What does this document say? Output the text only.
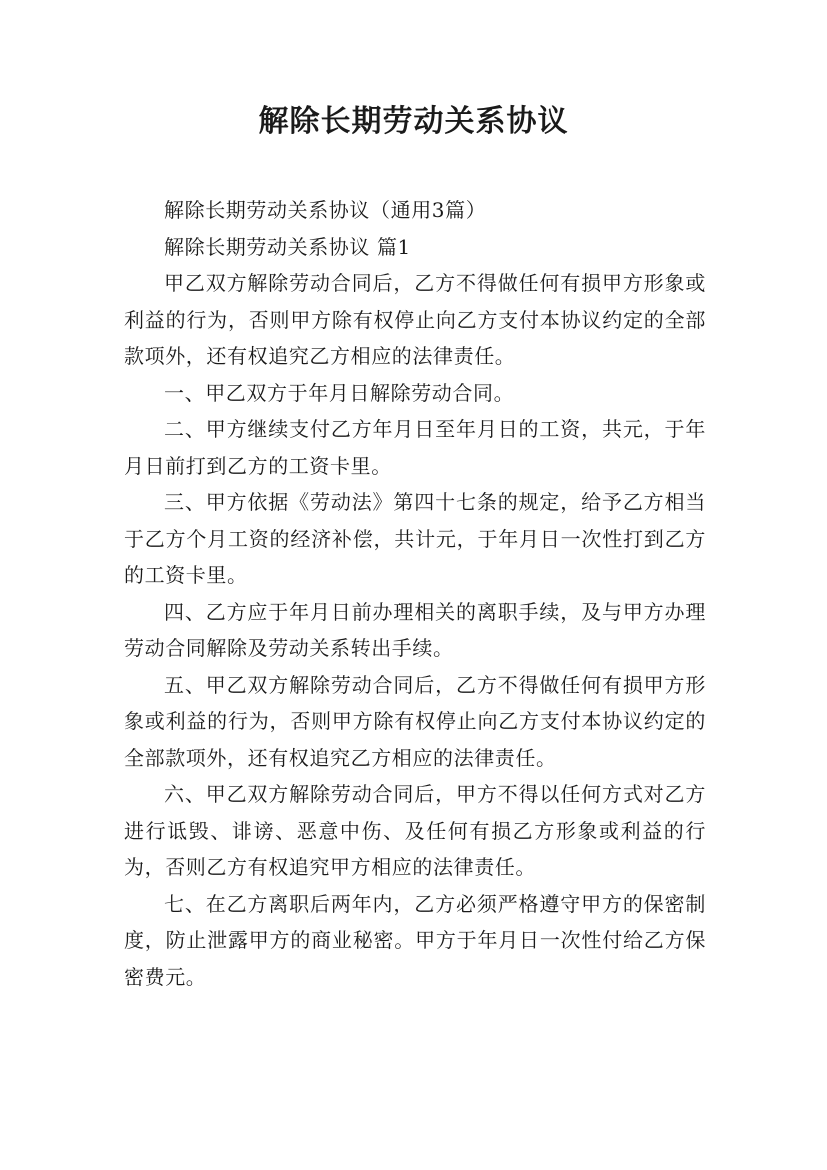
解除长期劳动关系协议

解除长期劳动关系协议（通用3篇）

解除长期劳动关系协议 篇1

甲乙双方解除劳动合同后，乙方不得做任何有损甲方形象或利益的行为，否则甲方除有权停止向乙方支付本协议约定的全部款项外，还有权追究乙方相应的法律责任。

一、甲乙双方于年月日解除劳动合同。

二、甲方继续支付乙方年月日至年月日的工资，共元，于年月日前打到乙方的工资卡里。

三、甲方依据《劳动法》第四十七条的规定，给予乙方相当于乙方个月工资的经济补偿，共计元，于年月日一次性打到乙方的工资卡里。

四、乙方应于年月日前办理相关的离职手续，及与甲方办理劳动合同解除及劳动关系转出手续。

五、甲乙双方解除劳动合同后，乙方不得做任何有损甲方形象或利益的行为，否则甲方除有权停止向乙方支付本协议约定的全部款项外，还有权追究乙方相应的法律责任。

六、甲乙双方解除劳动合同后，甲方不得以任何方式对乙方进行诋毁、诽谤、恶意中伤、及任何有损乙方形象或利益的行为，否则乙方有权追究甲方相应的法律责任。

七、在乙方离职后两年内，乙方必须严格遵守甲方的保密制度，防止泄露甲方的商业秘密。甲方于年月日一次性付给乙方保密费元。
